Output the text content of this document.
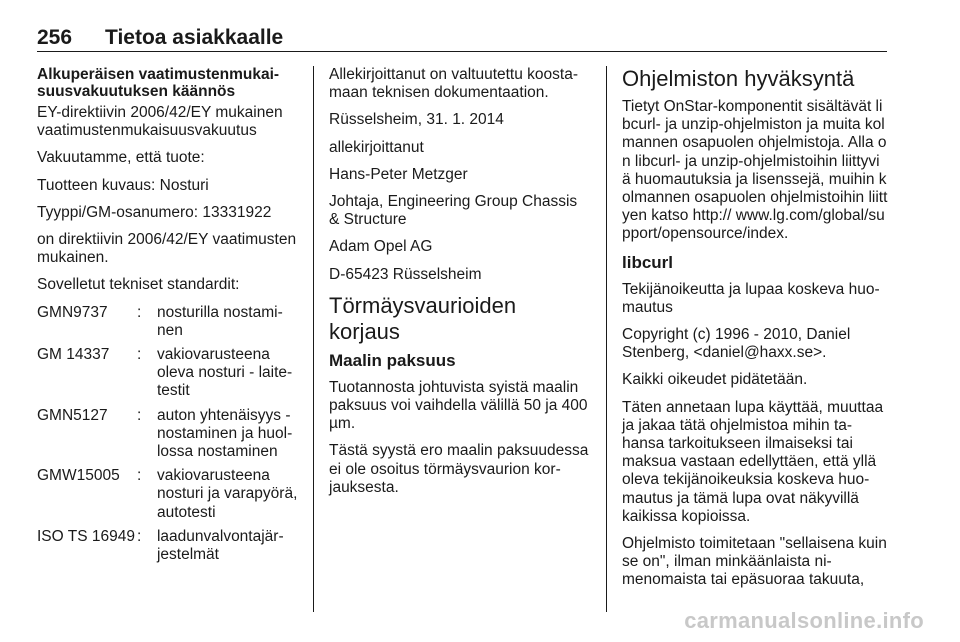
256 Tietoa asiakkaalle
Alkuperäisen vaatimustenmukaisuusvakuutuksen käännös

EY-direktiivin 2006/42/EY mukainen vaatimustenmukaisuusvakuutus

Vakuutamme, että tuote:

Tuotteen kuvaus: Nosturi

Tyyppi/GM-osanumero: 13331922

on direktiivin 2006/42/EY vaatimusten mukainen.

Sovelletut tekniset standardit:

GMN9737	:	nosturilla nostaminen
GM 14337	:	vakiovarusteena oleva nosturi - laitetestit
GMN5127	:	auton yhtenäisyys - nostaminen ja huollossa nostaminen
GMW15005	:	vakiovarusteena nosturi ja varapyörä, autotesti
ISO TS 16949	:	laadunvalvontajärjestelmät

Allekirjoittanut on valtuutettu koostamaan teknisen dokumentaation.

Rüsselsheim, 31. 1. 2014

allekirjoittanut

Hans-Peter Metzger

Johtaja, Engineering Group Chassis & Structure

Adam Opel AG

D-65423 Rüsselsheim

Törmäysvaurioiden korjaus
Maalin paksuus

Tuotannosta johtuvista syistä maalin paksuus voi vaihdella välillä 50 ja 400 µm.

Tästä syystä ero maalin paksuudessa ei ole osoitus törmäysvaurion korjauksesta.

Ohjelmiston hyväksyntä

Tietyt OnStar-komponentit sisältävät libcurl- ja unzip-ohjelmiston ja muita kolmannen osapuolen ohjelmistoja. Alla on libcurl- ja unzip-ohjelmistoihin liittyviä huomautuksia ja lisenssejä, muihin kolmannen osapuolen ohjelmistoihin liittyen katso http:// www.lg.com/global/support/opensource/index.

libcurl

Tekijänoikeutta ja lupaa koskeva huomautus

Copyright (c) 1996 - 2010, Daniel Stenberg, <daniel@haxx.se>.

Kaikki oikeudet pidätetään.

Täten annetaan lupa käyttää, muuttaa ja jakaa tätä ohjelmistoa mihin tahansa tarkoitukseen ilmaiseksi tai maksua vastaan edellyttäen, että yllä oleva tekijänoikeuksia koskeva huomautus ja tämä lupa ovat näkyvillä kaikissa kopioissa.

Ohjelmisto toimitetaan "sellaisena kuin se on", ilman minkäänlaista nimenomaista tai epäsuoraa takuuta,

carmanualsonline.info
